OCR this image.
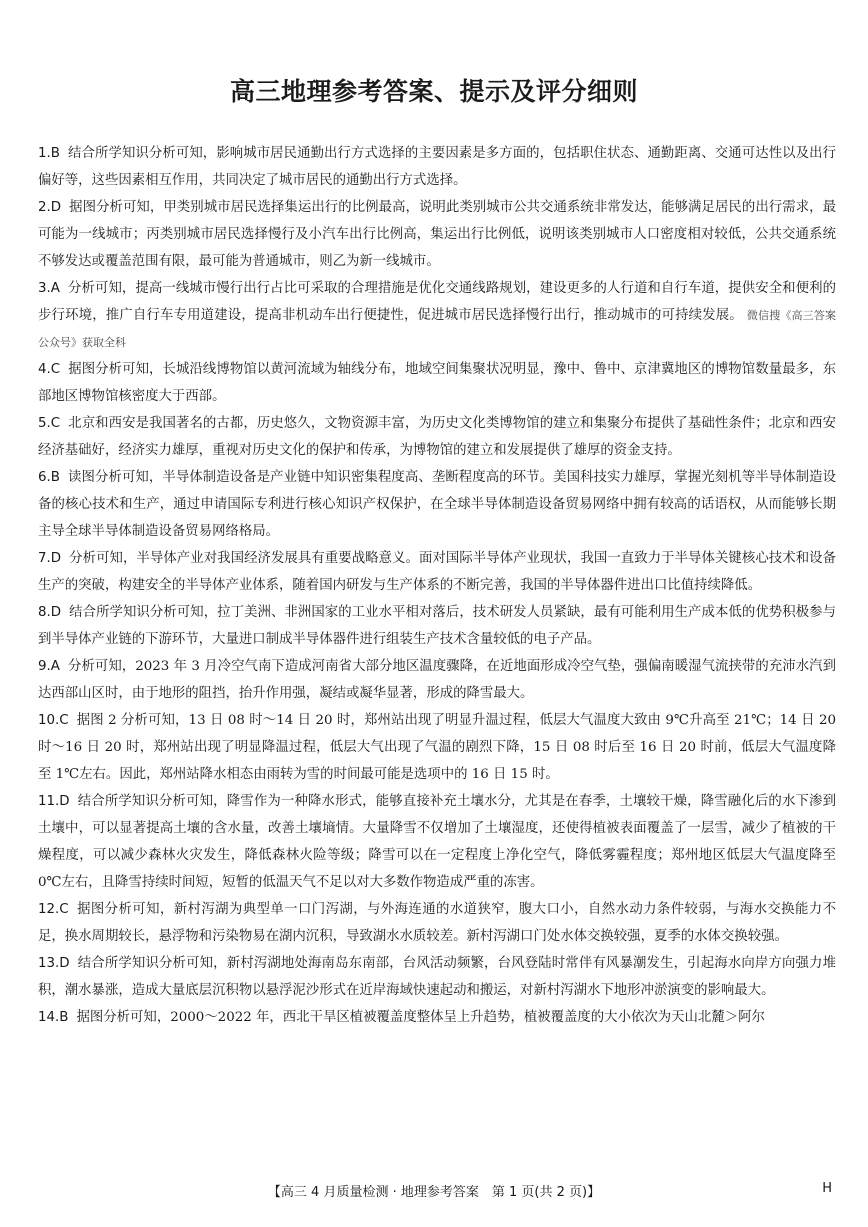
高三地理参考答案、提示及评分细则
1.B 结合所学知识分析可知，影响城市居民通勤出行方式选择的主要因素是多方面的，包括职住状态、通勤距离、交通可达性以及出行偏好等，这些因素相互作用，共同决定了城市居民的通勤出行方式选择。
2.D 据图分析可知，甲类别城市居民选择集运出行的比例最高，说明此类别城市公共交通系统非常发达，能够满足居民的出行需求，最可能为一线城市；丙类别城市居民选择慢行及小汽车出行比例高，集运出行比例低，说明该类别城市人口密度相对较低，公共交通系统不够发达或覆盖范围有限，最可能为普通城市，则乙为新一线城市。
3.A 分析可知，提高一线城市慢行出行占比可采取的合理措施是优化交通线路规划，建设更多的人行道和自行车道，提供安全和便利的步行环境，推广自行车专用道建设，提高非机动车出行便捷性，促进城市居民选择慢行出行，推动城市的可持续发展。 微信搜《高三答案公众号》获取全科
4.C 据图分析可知，长城沿线博物馆以黄河流域为轴线分布，地域空间集聚状况明显，豫中、鲁中、京津冀地区的博物馆数量最多，东部地区博物馆核密度大于西部。
5.C 北京和西安是我国著名的古都，历史悠久，文物资源丰富，为历史文化类博物馆的建立和集聚分布提供了基础性条件；北京和西安经济基础好，经济实力雄厚，重视对历史文化的保护和传承，为博物馆的建立和发展提供了雄厚的资金支持。
6.B 读图分析可知，半导体制造设备是产业链中知识密集程度高、垄断程度高的环节。美国科技实力雄厚，掌握光刻机等半导体制造设备的核心技术和生产，通过申请国际专利进行核心知识产权保护，在全球半导体制造设备贸易网络中拥有较高的话语权，从而能够长期主导全球半导体制造设备贸易网络格局。
7.D 分析可知，半导体产业对我国经济发展具有重要战略意义。面对国际半导体产业现状，我国一直致力于半导体关键核心技术和设备生产的突破，构建安全的半导体产业体系，随着国内研发与生产体系的不断完善，我国的半导体器件进出口比值持续降低。
8.D 结合所学知识分析可知，拉丁美洲、非洲国家的工业水平相对落后，技术研发人员紧缺，最有可能利用生产成本低的优势积极参与到半导体产业链的下游环节，大量进口制成半导体器件进行组装生产技术含量较低的电子产品。
9.A 分析可知，2023 年 3 月冷空气南下造成河南省大部分地区温度骤降，在近地面形成冷空气垫，强偏南暖湿气流挟带的充沛水汽到达西部山区时，由于地形的阻挡，抬升作用强，凝结或凝华显著，形成的降雪最大。
10.C 据图 2 分析可知，13 日 08 时～14 日 20 时，郑州站出现了明显升温过程，低层大气温度大致由 9℃升高至 21℃；14 日 20 时～16 日 20 时，郑州站出现了明显降温过程，低层大气出现了气温的剧烈下降，15 日 08 时后至 16 日 20 时前，低层大气温度降至 1℃左右。因此，郑州站降水相态由雨转为雪的时间最可能是选项中的 16 日 15 时。
11.D 结合所学知识分析可知，降雪作为一种降水形式，能够直接补充土壤水分，尤其是在春季，土壤较干燥，降雪融化后的水下渗到土壤中，可以显著提高土壤的含水量，改善土壤墒情。大量降雪不仅增加了土壤湿度，还使得植被表面覆盖了一层雪，减少了植被的干燥程度，可以减少森林火灾发生，降低森林火险等级；降雪可以在一定程度上净化空气，降低雾霾程度；郑州地区低层大气温度降至 0℃左右，且降雪持续时间短，短暂的低温天气不足以对大多数作物造成严重的冻害。
12.C 据图分析可知，新村泻湖为典型单一口门泻湖，与外海连通的水道狭窄，腹大口小，自然水动力条件较弱，与海水交换能力不足，换水周期较长，悬浮物和污染物易在湖内沉积，导致湖水水质较差。新村泻湖口门处水体交换较强，夏季的水体交换较强。
13.D 结合所学知识分析可知，新村泻湖地处海南岛东南部，台风活动频繁，台风登陆时常伴有风暴潮发生，引起海水向岸方向强力堆积，潮水暴涨，造成大量底层沉积物以悬浮泥沙形式在近岸海域快速起动和搬运，对新村泻湖水下地形冲淤演变的影响最大。
14.B 据图分析可知，2000～2022 年，西北干旱区植被覆盖度整体呈上升趋势，植被覆盖度的大小依次为天山北麓＞阿尔
【高三 4 月质量检测 · 地理参考答案　第 1 页(共 2 页)】	H
